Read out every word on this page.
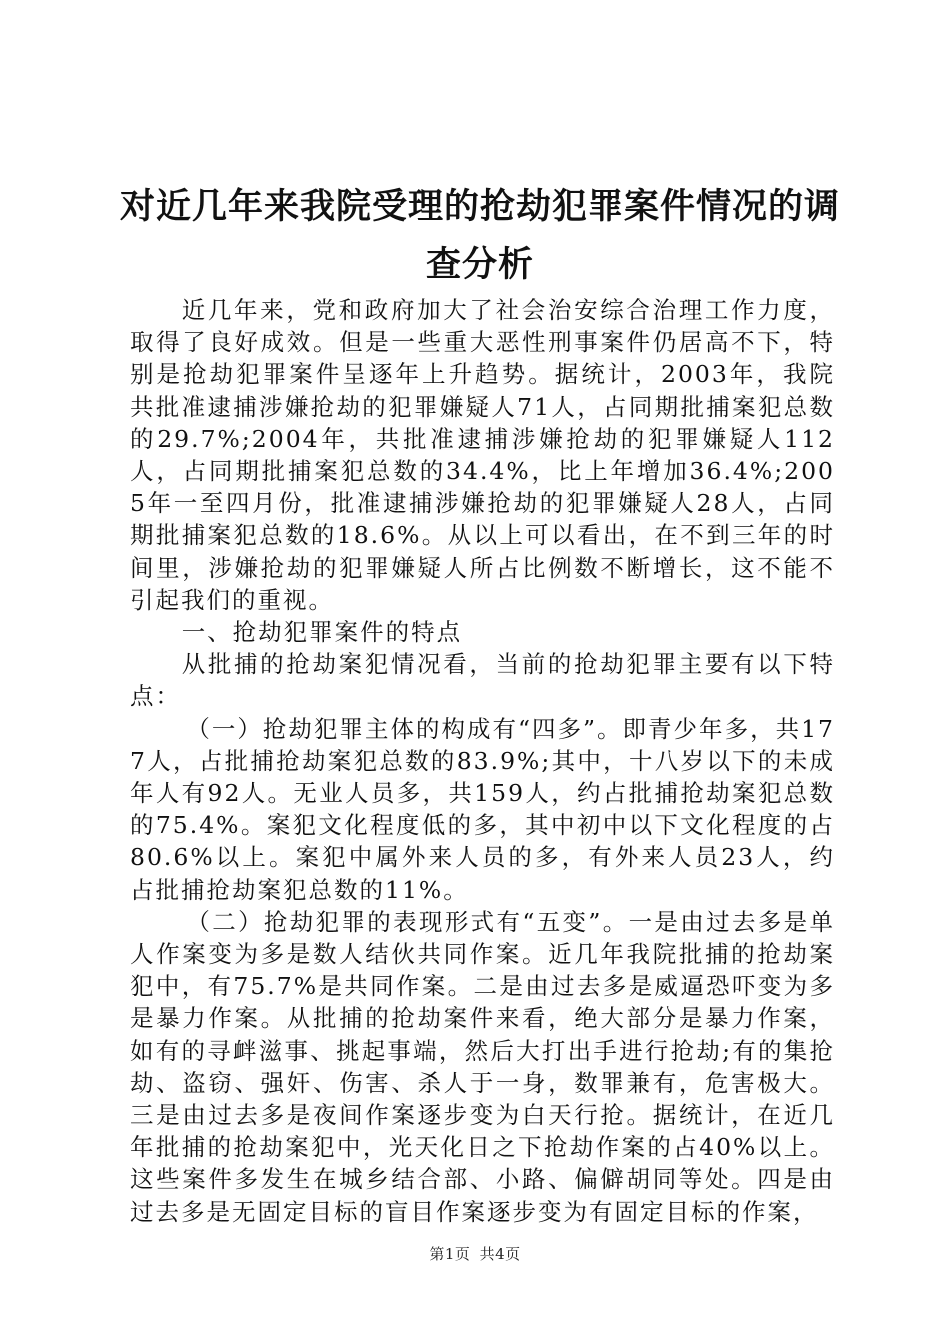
对近几年来我院受理的抢劫犯罪案件情况的调查分析

近几年来，党和政府加大了社会治安综合治理工作力度，取得了良好成效。但是一些重大恶性刑事案件仍居高不下，特别是抢劫犯罪案件呈逐年上升趋势。据统计，2003年，我院共批准逮捕涉嫌抢劫的犯罪嫌疑人71人，占同期批捕案犯总数的29.7%;2004年，共批准逮捕涉嫌抢劫的犯罪嫌疑人112人，占同期批捕案犯总数的34.4%，比上年增加36.4%;2005年一至四月份，批准逮捕涉嫌抢劫的犯罪嫌疑人28人，占同期批捕案犯总数的18.6%。从以上可以看出，在不到三年的时间里，涉嫌抢劫的犯罪嫌疑人所占比例数不断增长，这不能不引起我们的重视。

一、抢劫犯罪案件的特点

从批捕的抢劫案犯情况看，当前的抢劫犯罪主要有以下特点：

（一）抢劫犯罪主体的构成有“四多”。即青少年多，共177人，占批捕抢劫案犯总数的83.9%;其中，十八岁以下的未成年人有92人。无业人员多，共159人，约占批捕抢劫案犯总数的75.4%。案犯文化程度低的多，其中初中以下文化程度的占80.6%以上。案犯中属外来人员的多，有外来人员23人，约占批捕抢劫案犯总数的11%。

（二）抢劫犯罪的表现形式有“五变”。一是由过去多是单人作案变为多是数人结伙共同作案。近几年我院批捕的抢劫案犯中，有75.7%是共同作案。二是由过去多是威逼恐吓变为多是暴力作案。从批捕的抢劫案件来看，绝大部分是暴力作案，如有的寻衅滋事、挑起事端，然后大打出手进行抢劫;有的集抢劫、盗窃、强奸、伤害、杀人于一身，数罪兼有，危害极大。三是由过去多是夜间作案逐步变为白天行抢。据统计，在近几年批捕的抢劫案犯中，光天化日之下抢劫作案的占40%以上。这些案件多发生在城乡结合部、小路、偏僻胡同等处。四是由过去多是无固定目标的盲目作案逐步变为有固定目标的作案，

第1页 共4页
